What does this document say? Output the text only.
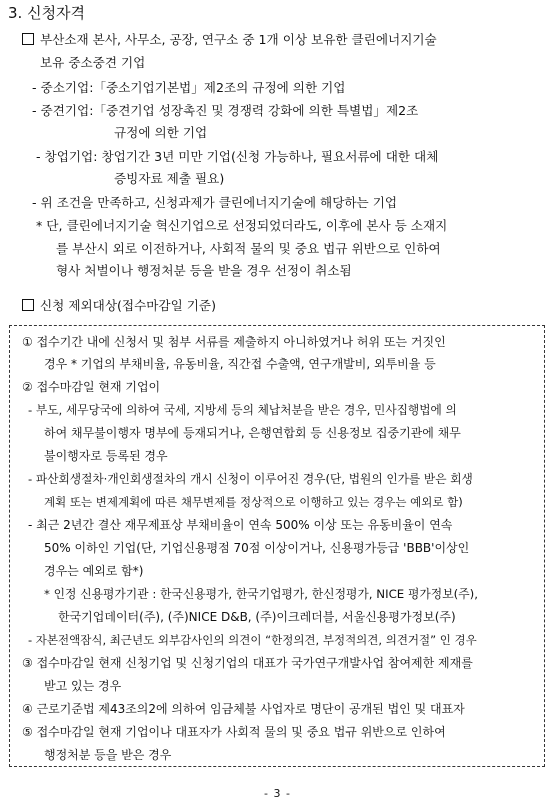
3. 신청자격
부산소재 본사, 사무소, 공장, 연구소 중 1개 이상 보유한 클린에너지기술
보유 중소중견 기업
- 중소기업:「중소기업기본법」제2조의 규정에 의한 기업
- 중견기업:「중견기업 성장촉진 및 경쟁력 강화에 의한 특별법」제2조
규정에 의한 기업
- 창업기업: 창업기간 3년 미만 기업(신청 가능하나, 필요서류에 대한 대체
증빙자료 제출 필요)
- 위 조건을 만족하고, 신청과제가 클린에너지기술에 해당하는 기업
* 단, 클린에너지기술 혁신기업으로 선정되었더라도, 이후에 본사 등 소재지
를 부산시 외로 이전하거나, 사회적 물의 및 중요 법규 위반으로 인하여
형사 처벌이나 행정처분 등을 받을 경우 선정이 취소됨
신청 제외대상(접수마감일 기준)
① 접수기간 내에 신청서 및 첨부 서류를 제출하지 아니하였거나 허위 또는 거짓인
경우 * 기업의 부채비율, 유동비율, 직간접 수출액, 연구개발비, 외투비율 등
② 접수마감일 현재 기업이
- 부도, 세무당국에 의하여 국세, 지방세 등의 체납처분을 받은 경우, 민사집행법에 의
하여 채무불이행자 명부에 등재되거나, 은행연합회 등 신용정보 집중기관에 채무
불이행자로 등록된 경우
- 파산회생절차·개인회생절차의 개시 신청이 이루어진 경우(단, 법원의 인가를 받은 회생
계획 또는 변제계획에 따른 채무변제를 정상적으로 이행하고 있는 경우는 예외로 함)
- 최근 2년간 결산 재무제표상 부채비율이 연속 500% 이상 또는 유동비율이 연속
50% 이하인 기업(단, 기업신용평점 70점 이상이거나, 신용평가등급 'BBB'이상인
경우는 예외로 함*)
* 인정 신용평가기관 : 한국신용평가, 한국기업평가, 한신정평가, NICE 평가정보(주),
한국기업데이터(주), (주)NICE D&B, (주)이크레더블, 서울신용평가정보(주)
- 자본전액잠식, 최근년도 외부감사인의 의견이 “한정의견, 부정적의견, 의견거절” 인 경우
③ 접수마감일 현재 신청기업 및 신청기업의 대표가 국가연구개발사업 참여제한 제재를
받고 있는 경우
④ 근로기준법 제43조의2에 의하여 임금체불 사업자로 명단이 공개된 법인 및 대표자
⑤ 접수마감일 현재 기업이나 대표자가 사회적 물의 및 중요 법규 위반으로 인하여
행정처분 등을 받은 경우
- 3 -
